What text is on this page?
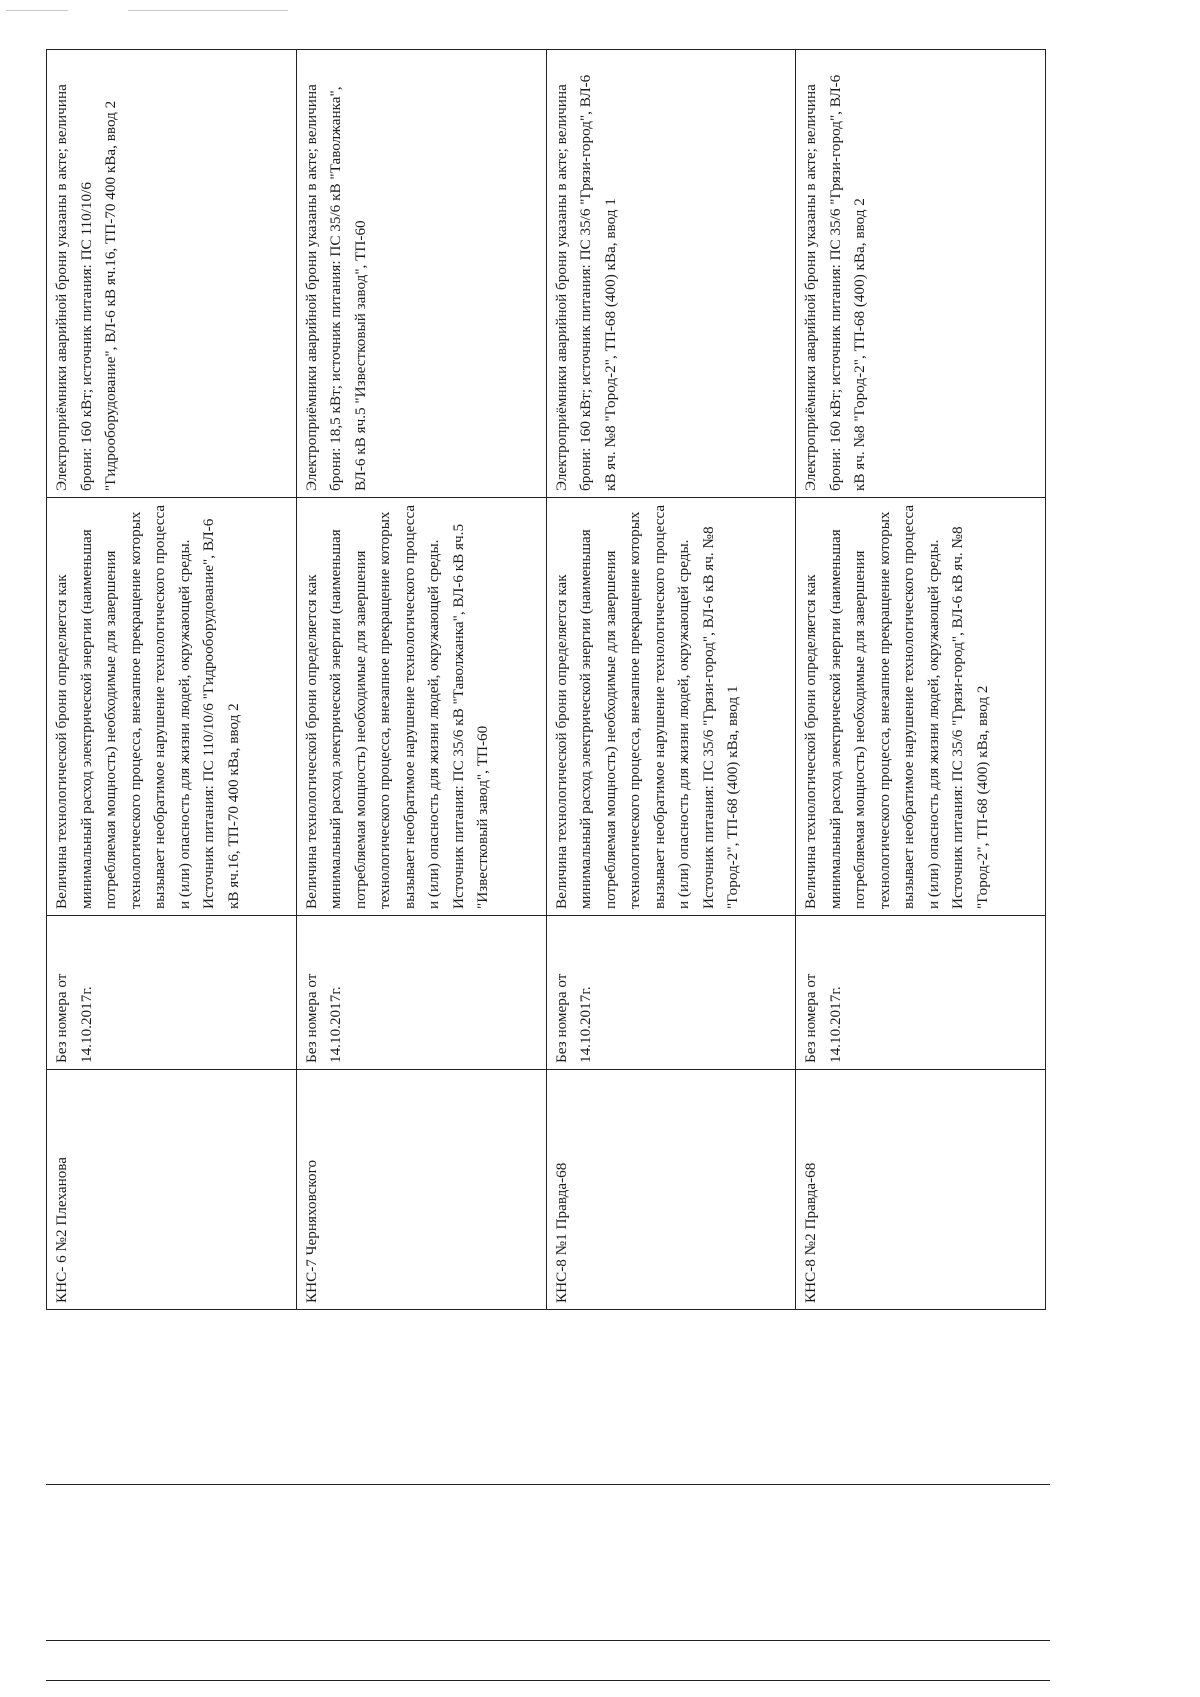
КНС- 6 №2 Плеханова	Без номера от 14.10.2017г.	Величина технологической брони определяется как минимальный расход электрической энергии (наименьшая потребляемая мощность) необходимые для завершения технологического процесса, внезапное прекращение которых вызывает необратимое нарушение технологического процесса и (или) опасность для жизни людей, окружающей среды. Источник питания: ПС 110/10/6 "Гидрооборудование", ВЛ-6 кВ яч.16, ТП-70 400 кВа, ввод 2	Электроприёмники аварийной брони указаны в акте; величина брони: 160 кВт; источник питания: ПС 110/10/6 "Гидрооборудование", ВЛ-6 кВ яч.16, ТП-70 400 кВа, ввод 2
КНС-7 Черняховского	Без номера от 14.10.2017г.	Величина технологической брони определяется как минимальный расход электрической энергии (наименьшая потребляемая мощность) необходимые для завершения технологического процесса, внезапное прекращение которых вызывает необратимое нарушение технологического процесса и (или) опасность для жизни людей, окружающей среды. Источник питания: ПС 35/6 кВ "Таволжанка", ВЛ-6 кВ яч.5 "Известковый завод", ТП-60	Электроприёмники аварийной брони указаны в акте; величина брони: 18,5 кВт; источник питания: ПС 35/6 кВ "Таволжанка", ВЛ-6 кВ яч.5 "Известковый завод", ТП-60
КНС-8 №1 Правда-68	Без номера от 14.10.2017г.	Величина технологической брони определяется как минимальный расход электрической энергии (наименьшая потребляемая мощность) необходимые для завершения технологического процесса, внезапное прекращение которых вызывает необратимое нарушение технологического процесса и (или) опасность для жизни людей, окружающей среды. Источник питания: ПС 35/6 "Грязи-город", ВЛ-6 кВ яч. №8 "Город-2", ТП-68 (400) кВа, ввод 1	Электроприёмники аварийной брони указаны в акте; величина брони: 160 кВт; источник питания: ПС 35/6 "Грязи-город", ВЛ-6 кВ яч. №8 "Город-2", ТП-68 (400) кВа, ввод 1
КНС-8 №2 Правда-68	Без номера от 14.10.2017г.	Величина технологической брони определяется как минимальный расход электрической энергии (наименьшая потребляемая мощность) необходимые для завершения технологического процесса, внезапное прекращение которых вызывает необратимое нарушение технологического процесса и (или) опасность для жизни людей, окружающей среды. Источник питания: ПС 35/6 "Грязи-город", ВЛ-6 кВ яч. №8 "Город-2", ТП-68 (400) кВа, ввод 2	Электроприёмники аварийной брони указаны в акте; величина брони: 160 кВт; источник питания: ПС 35/6 "Грязи-город", ВЛ-6 кВ яч. №8 "Город-2", ТП-68 (400) кВа, ввод 2
